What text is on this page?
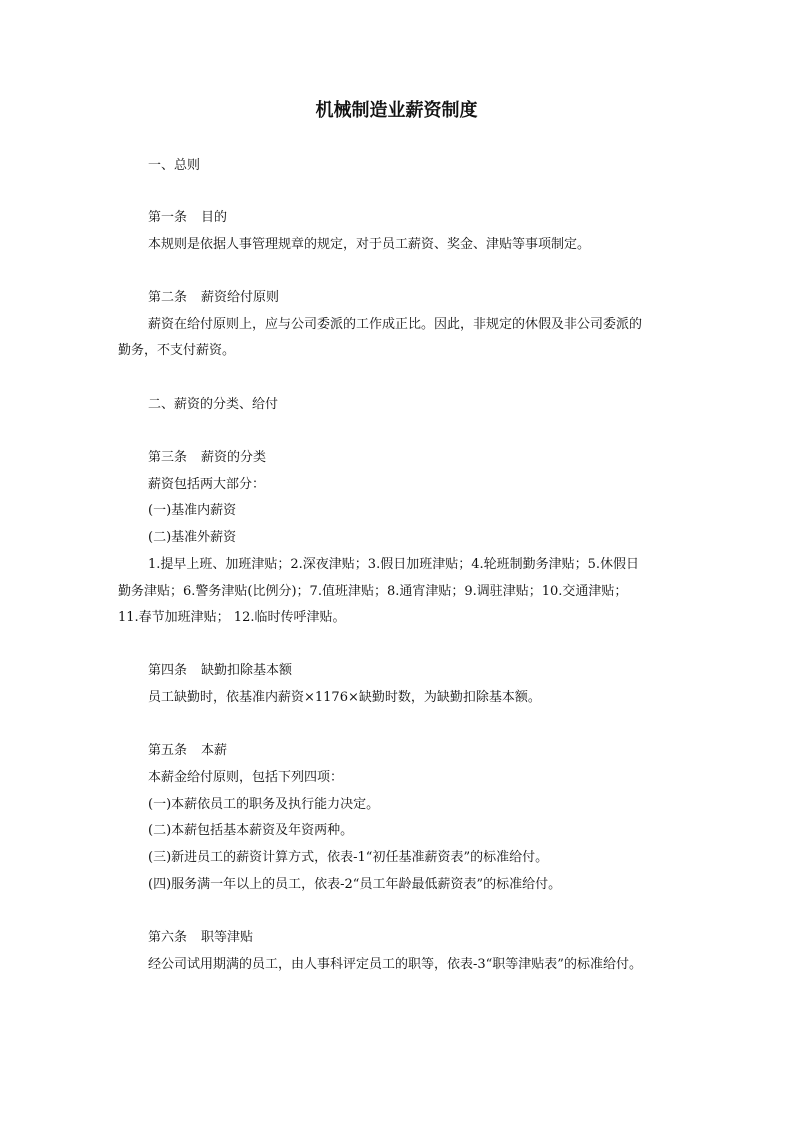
机械制造业薪资制度

一、总则

第一条 目的

本规则是依据人事管理规章的规定，对于员工薪资、奖金、津贴等事项制定。

第二条 薪资给付原则

薪资在给付原则上，应与公司委派的工作成正比。因此，非规定的休假及非公司委派的

勤务，不支付薪资。

二、薪资的分类、给付

第三条 薪资的分类

薪资包括两大部分：

(一)基准内薪资

(二)基准外薪资

1.提早上班、加班津贴；2.深夜津贴；3.假日加班津贴；4.轮班制勤务津贴；5.休假日

勤务津贴；6.警务津贴(比例分)；7.值班津贴；8.通宵津贴；9.调驻津贴；10.交通津贴；

11.春节加班津贴； 12.临时传呼津贴。

第四条 缺勤扣除基本额

员工缺勤时，依基准内薪资×1176×缺勤时数，为缺勤扣除基本额。

第五条 本薪

本薪金给付原则，包括下列四项：

(一)本薪依员工的职务及执行能力决定。

(二)本薪包括基本薪资及年资两种。

(三)新进员工的薪资计算方式，依表-1“初任基准薪资表”的标准给付。

(四)服务满一年以上的员工，依表-2“员工年龄最低薪资表”的标准给付。

第六条 职等津贴

经公司试用期满的员工，由人事科评定员工的职等，依表-3“职等津贴表”的标准给付。
